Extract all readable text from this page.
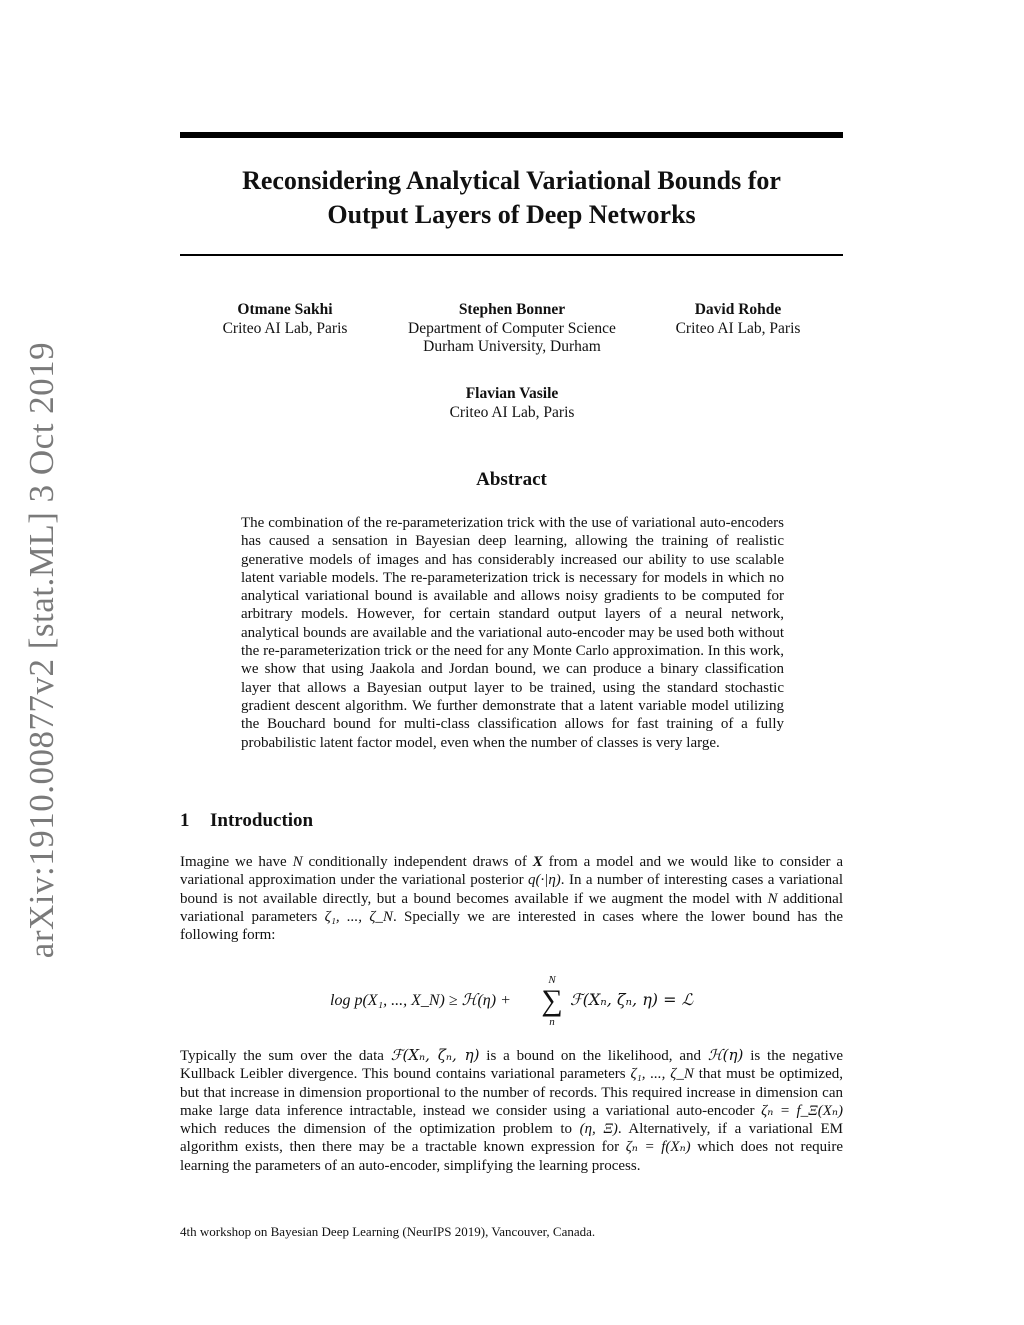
arXiv:1910.00877v2 [stat.ML] 3 Oct 2019
Reconsidering Analytical Variational Bounds for
Output Layers of Deep Networks
Otmane Sakhi
Criteo AI Lab, Paris
Stephen Bonner
Department of Computer Science
Durham University, Durham
David Rohde
Criteo AI Lab, Paris
Flavian Vasile
Criteo AI Lab, Paris
Abstract

The combination of the re-parameterization trick with the use of variational auto-encoders has caused a sensation in Bayesian deep learning, allowing the training of realistic generative models of images and has considerably increased our ability to use scalable latent variable models. The re-parameterization trick is necessary for models in which no analytical variational bound is available and allows noisy gradients to be computed for arbitrary models. However, for certain standard output layers of a neural network, analytical bounds are available and the variational auto-encoder may be used both without the re-parameterization trick or the need for any Monte Carlo approximation. In this work, we show that using Jaakola and Jordan bound, we can produce a binary classification layer that allows a Bayesian output layer to be trained, using the standard stochastic gradient descent algorithm. We further demonstrate that a latent variable model utilizing the Bouchard bound for multi-class classification allows for fast training of a fully probabilistic latent factor model, even when the number of classes is very large.

1 Introduction

Imagine we have N conditionally independent draws of X from a model and we would like to consider a variational approximation under the variational posterior q(·|η). In a number of interesting cases a variational bound is not available directly, but a bound becomes available if we augment the model with N additional variational parameters ζ₁, ..., ζ_N. Specially we are interested in cases where the lower bound has the following form:

log p(X₁, ..., X_N) ≥ ℋ(η) +
N
∑
n
ℱ(Xₙ, ζₙ, η) = ℒ

Typically the sum over the data ℱ(Xₙ, ζₙ, η) is a bound on the likelihood, and ℋ(η) is the negative Kullback Leibler divergence. This bound contains variational parameters ζ₁, ..., ζ_N that must be optimized, but that increase in dimension proportional to the number of records. This required increase in dimension can make large data inference intractable, instead we consider using a variational auto-encoder ζₙ = f_Ξ(Xₙ) which reduces the dimension of the optimization problem to (η, Ξ). Alternatively, if a variational EM algorithm exists, then there may be a tractable known expression for ζₙ = f(Xₙ) which does not require learning the parameters of an auto-encoder, simplifying the learning process.

4th workshop on Bayesian Deep Learning (NeurIPS 2019), Vancouver, Canada.
